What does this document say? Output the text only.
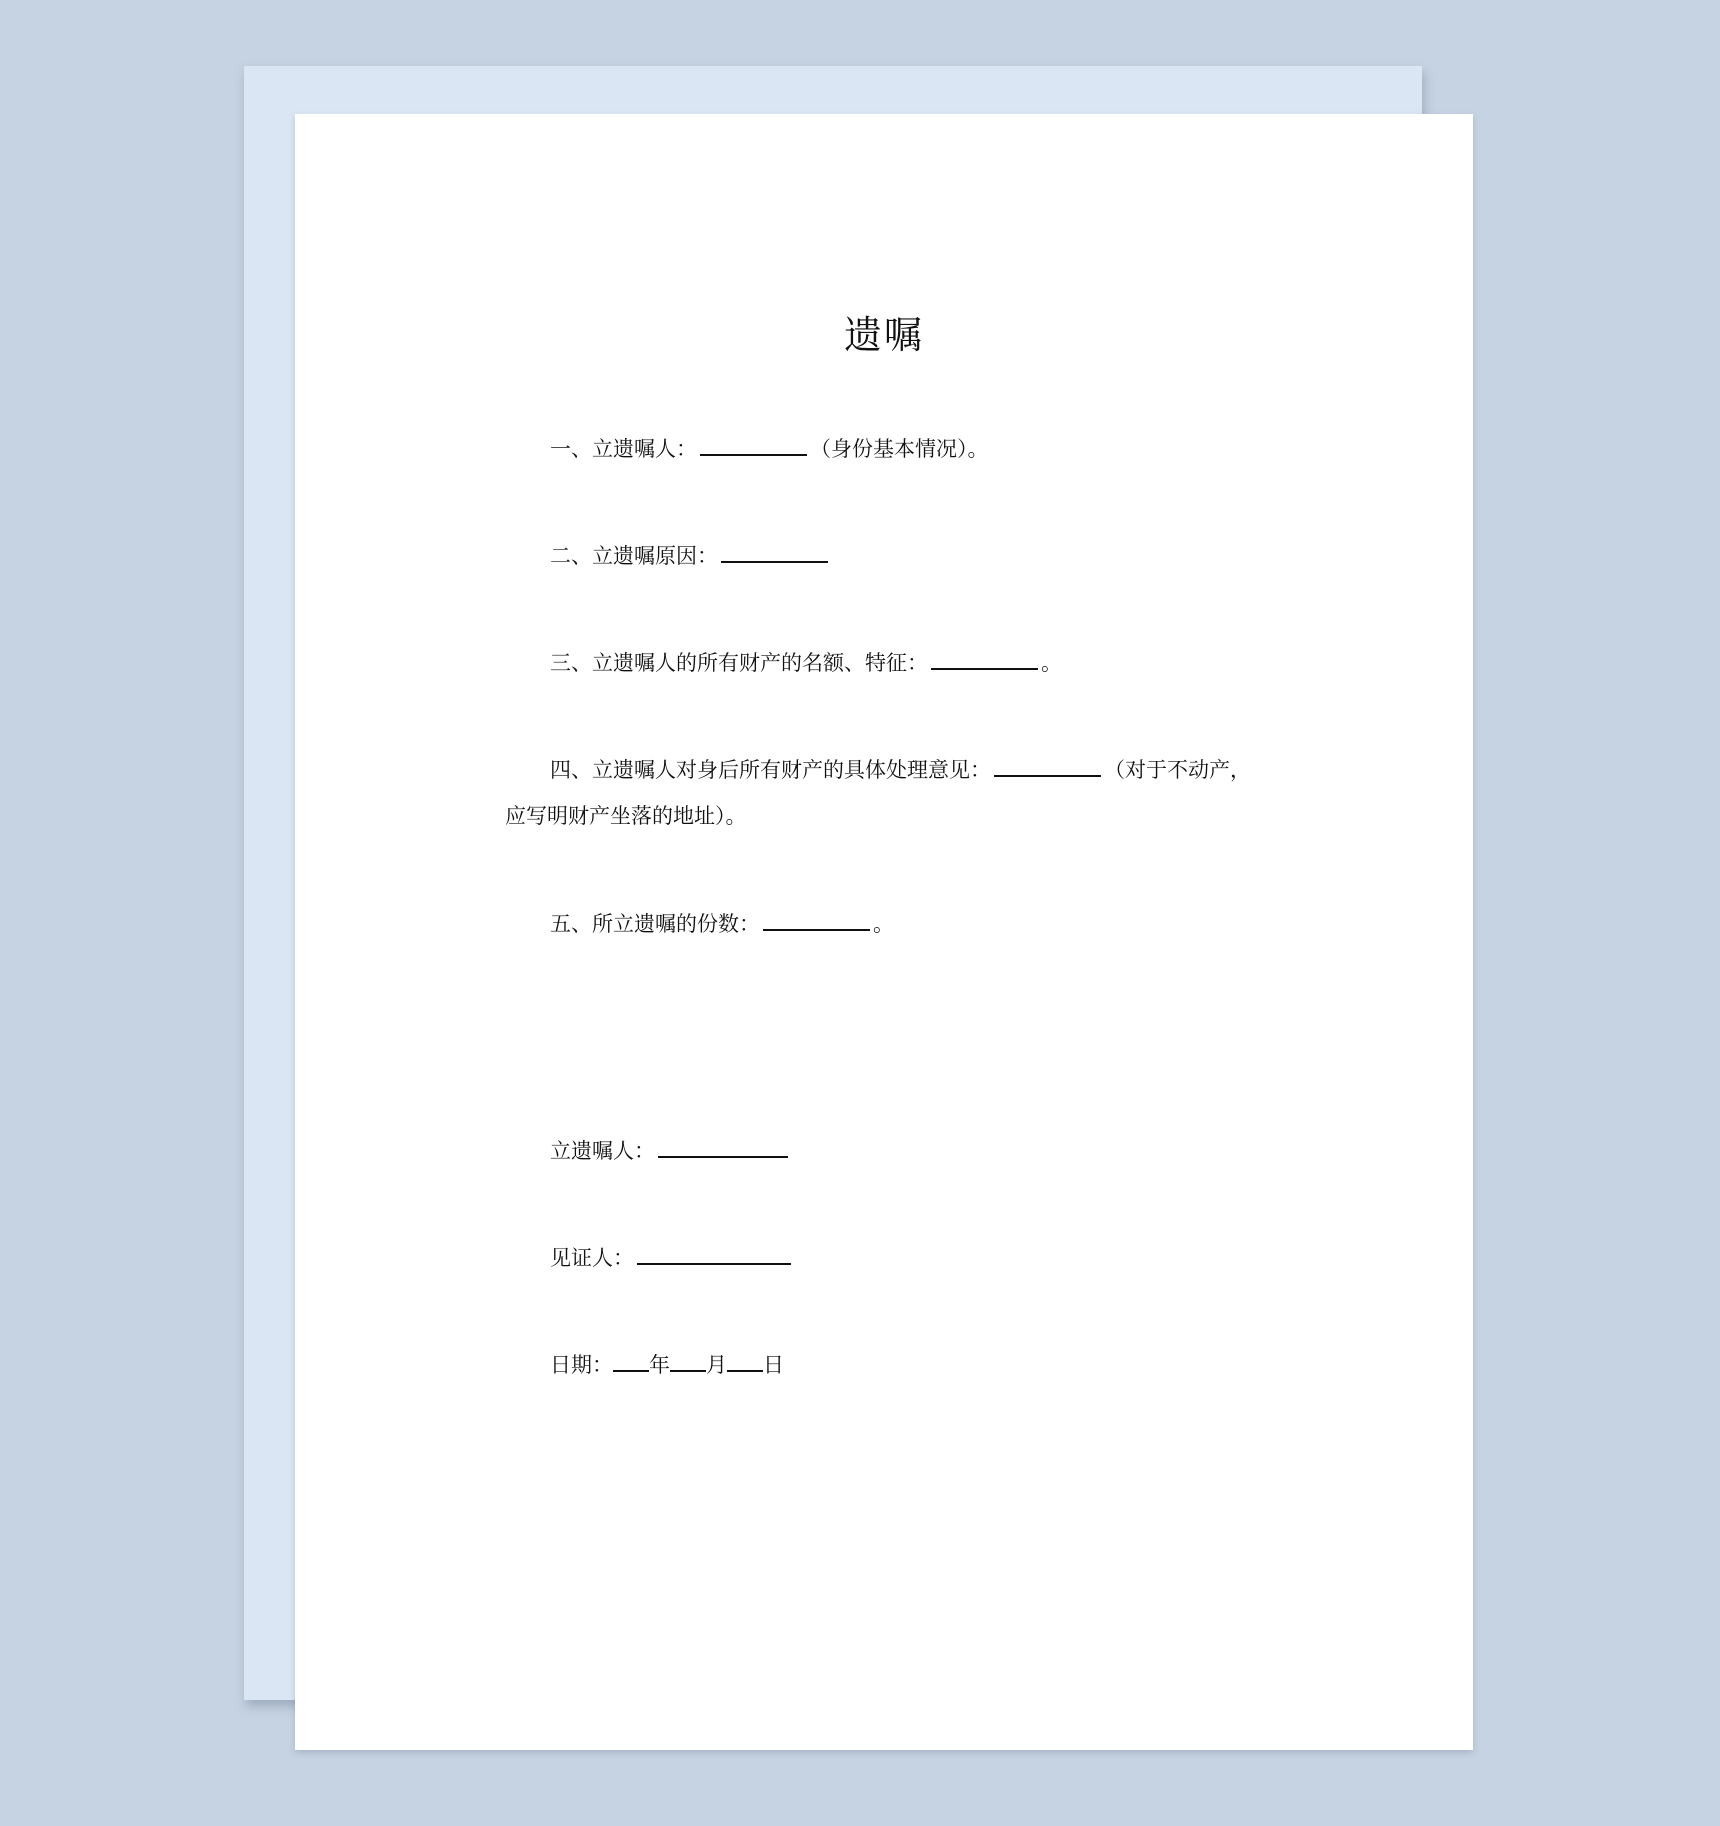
遗嘱
一、立遗嘱人：	（身份基本情况）。
二、立遗嘱原因：
三、立遗嘱人的所有财产的名额、特征：	。
四、立遗嘱人对身后所有财产的具体处理意见：	（对于不动产，
应写明财产坐落的地址）。
五、所立遗嘱的份数：	。
立遗嘱人：
见证人：
日期： 年 月 日
